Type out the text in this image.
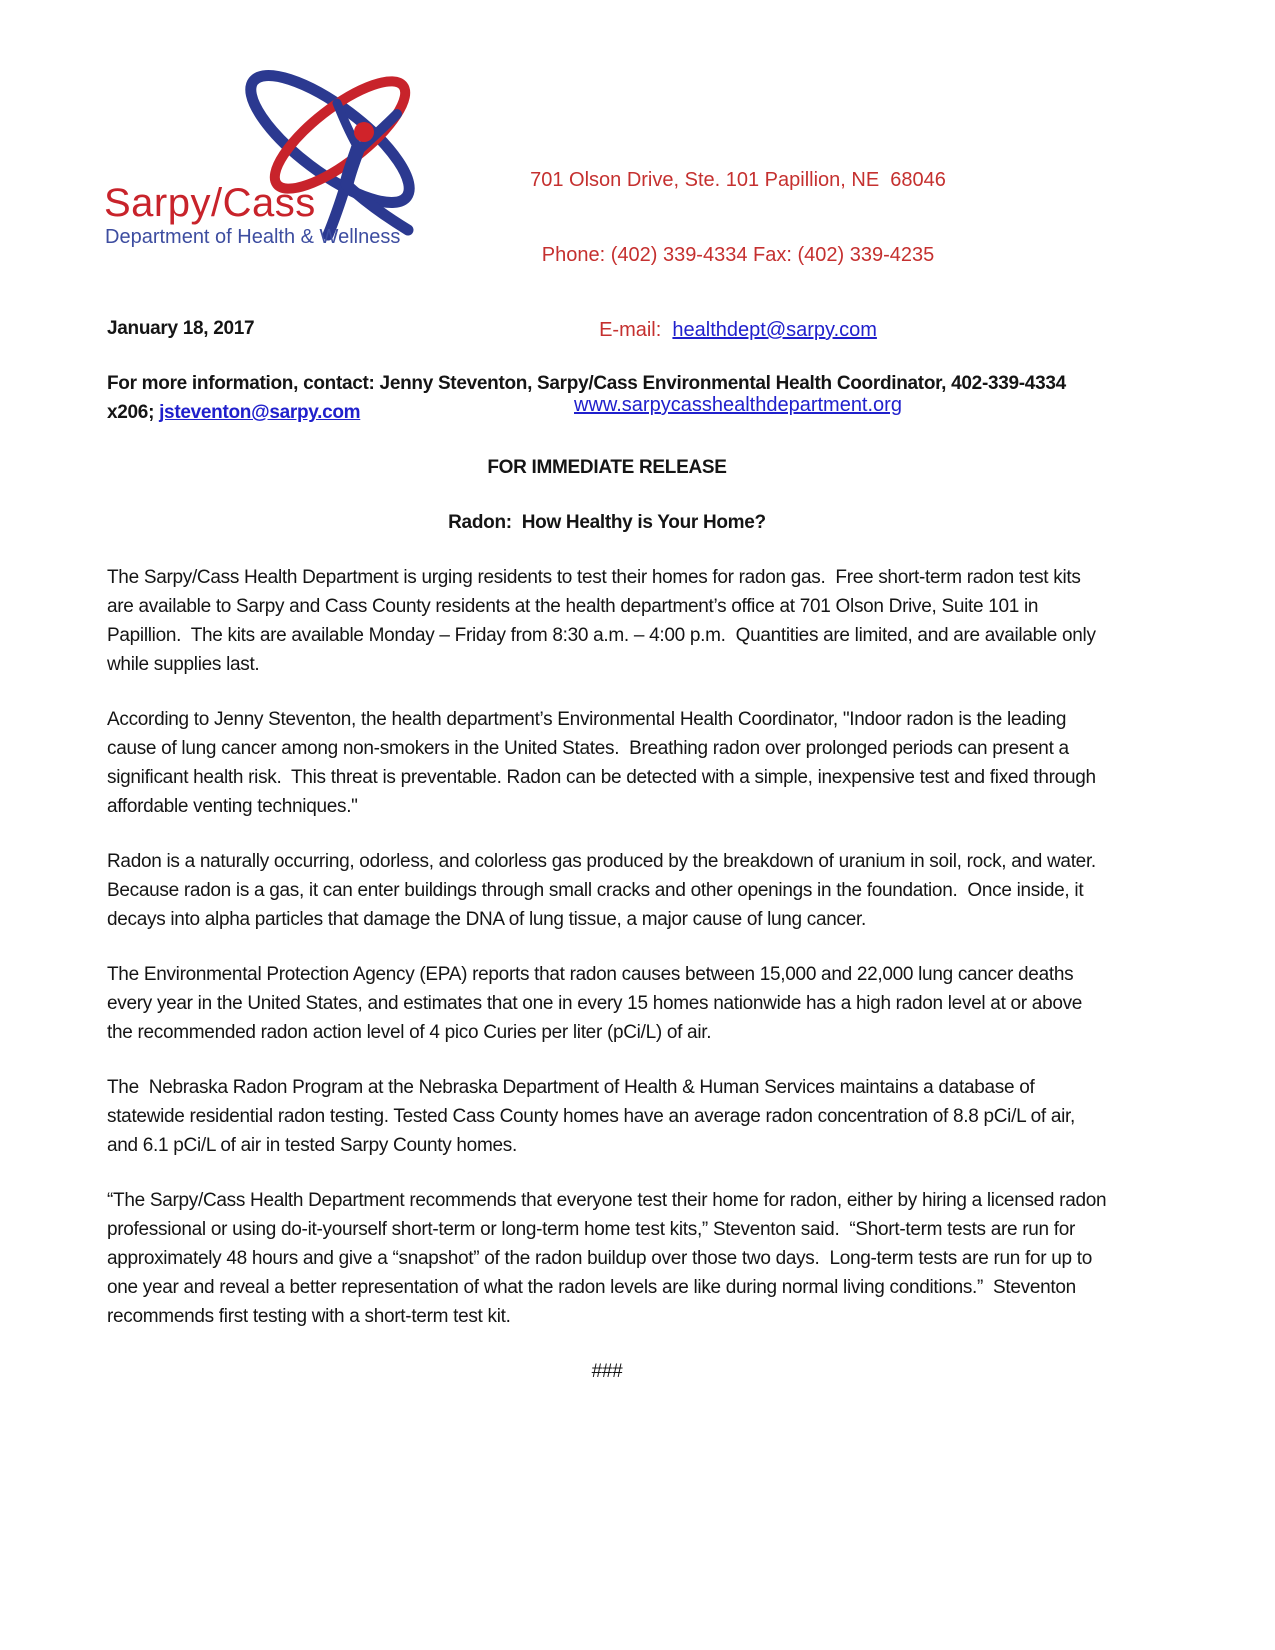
Sarpy/Cass
Department of Health & Wellness

701 Olson Drive, Ste. 101 Papillion, NE  68046

Phone: (402) 339-4334 Fax: (402) 339-4235

E-mail:  healthdept@sarpy.com

www.sarpycasshealthdepartment.org

January 18, 2017

For more information, contact: Jenny Steventon, Sarpy/Cass Environmental Health Coordinator, 402-339-4334 x206; jsteventon@sarpy.com

FOR IMMEDIATE RELEASE

Radon:  How Healthy is Your Home?

The Sarpy/Cass Health Department is urging residents to test their homes for radon gas.  Free short-term radon test kits are available to Sarpy and Cass County residents at the health department’s office at 701 Olson Drive, Suite 101 in Papillion.  The kits are available Monday – Friday from 8:30 a.m. – 4:00 p.m.  Quantities are limited, and are available only while supplies last.

According to Jenny Steventon, the health department’s Environmental Health Coordinator, "Indoor radon is the leading cause of lung cancer among non-smokers in the United States.  Breathing radon over prolonged periods can present a significant health risk.  This threat is preventable. Radon can be detected with a simple, inexpensive test and fixed through affordable venting techniques."

Radon is a naturally occurring, odorless, and colorless gas produced by the breakdown of uranium in soil, rock, and water. Because radon is a gas, it can enter buildings through small cracks and other openings in the foundation.  Once inside, it decays into alpha particles that damage the DNA of lung tissue, a major cause of lung cancer.

The Environmental Protection Agency (EPA) reports that radon causes between 15,000 and 22,000 lung cancer deaths every year in the United States, and estimates that one in every 15 homes nationwide has a high radon level at or above the recommended radon action level of 4 pico Curies per liter (pCi/L) of air.

The  Nebraska Radon Program at the Nebraska Department of Health & Human Services maintains a database of statewide residential radon testing. Tested Cass County homes have an average radon concentration of 8.8 pCi/L of air, and 6.1 pCi/L of air in tested Sarpy County homes.

“The Sarpy/Cass Health Department recommends that everyone test their home for radon, either by hiring a licensed radon professional or using do-it-yourself short-term or long-term home test kits,” Steventon said.  “Short-term tests are run for approximately 48 hours and give a “snapshot” of the radon buildup over those two days.  Long-term tests are run for up to one year and reveal a better representation of what the radon levels are like during normal living conditions.”  Steventon recommends first testing with a short-term test kit.

###
